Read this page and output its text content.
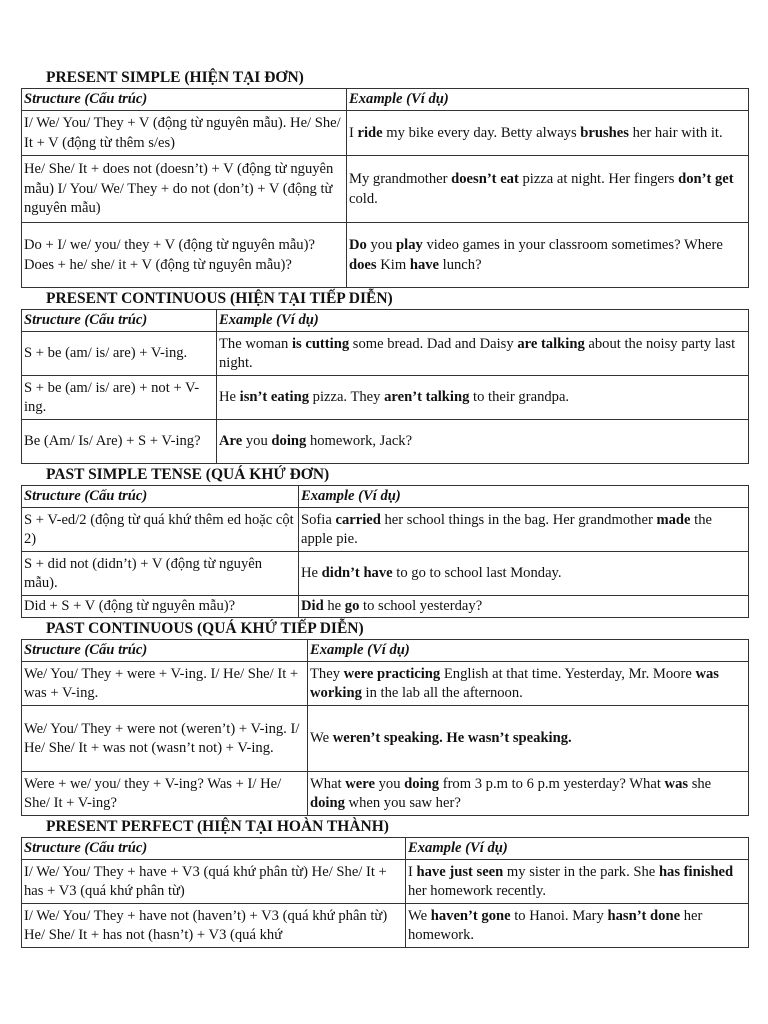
PRESENT SIMPLE (HIỆN TẠI ĐƠN)
Structure (Cấu trúc)	Example (Ví dụ)
I/ We/ You/ They + V (động từ nguyên mẫu). He/ She/ It + V (động từ thêm s/es)	I ride my bike every day. Betty always brushes her hair with it.
He/ She/ It + does not (doesn’t) + V (động từ nguyên mẫu) I/ You/ We/ They + do not (don’t) + V (động từ nguyên mẫu)	My grandmother doesn’t eat pizza at night. Her fingers don’t get cold.
Do + I/ we/ you/ they + V (động từ nguyên mẫu)? Does + he/ she/ it + V (động từ nguyên mẫu)?	Do you play video games in your classroom sometimes? Where does Kim have lunch?
PRESENT CONTINUOUS (HIỆN TẠI TIẾP DIỄN)
Structure (Cấu trúc)	Example (Ví dụ)
S + be (am/ is/ are) + V-ing.	The woman is cutting some bread. Dad and Daisy are talking about the noisy party last night.
S + be (am/ is/ are) + not + V-ing.	He isn’t eating pizza. They aren’t talking to their grandpa.
Be (Am/ Is/ Are) + S + V-ing?	Are you doing homework, Jack?
PAST SIMPLE TENSE (QUÁ KHỨ ĐƠN)
Structure (Cấu trúc)	Example (Ví dụ)
S + V-ed/2 (động từ quá khứ thêm ed hoặc cột 2)	Sofia carried her school things in the bag. Her grandmother made the apple pie.
S + did not (didn’t) + V (động từ nguyên mẫu).	He didn’t have to go to school last Monday.
Did + S + V (động từ nguyên mẫu)?	Did he go to school yesterday?
PAST CONTINUOUS (QUÁ KHỨ TIẾP DIỄN)
Structure (Cấu trúc)	Example (Ví dụ)
We/ You/ They + were + V-ing. I/ He/ She/ It + was + V-ing.	They were practicing English at that time. Yesterday, Mr. Moore was working in the lab all the afternoon.
We/ You/ They + were not (weren’t) + V-ing. I/ He/ She/ It + was not (wasn’t not) + V-ing.	We weren’t speaking. He wasn’t speaking.
Were + we/ you/ they + V-ing? Was + I/ He/ She/ It + V-ing?	What were you doing from 3 p.m to 6 p.m yesterday? What was she doing when you saw her?
PRESENT PERFECT (HIỆN TẠI HOÀN THÀNH)
Structure (Cấu trúc)	Example (Ví dụ)
I/ We/ You/ They + have + V3 (quá khứ phân từ) He/ She/ It + has + V3 (quá khứ phân từ)	I have just seen my sister in the park. She has finished her homework recently.

I/ We/ You/ They + have not (haven’t) + V3 (quá khứ phân từ) He/ She/ It + has not (hasn’t) + V3 (quá khứ	We haven’t gone to Hanoi. Mary hasn’t done her homework.
